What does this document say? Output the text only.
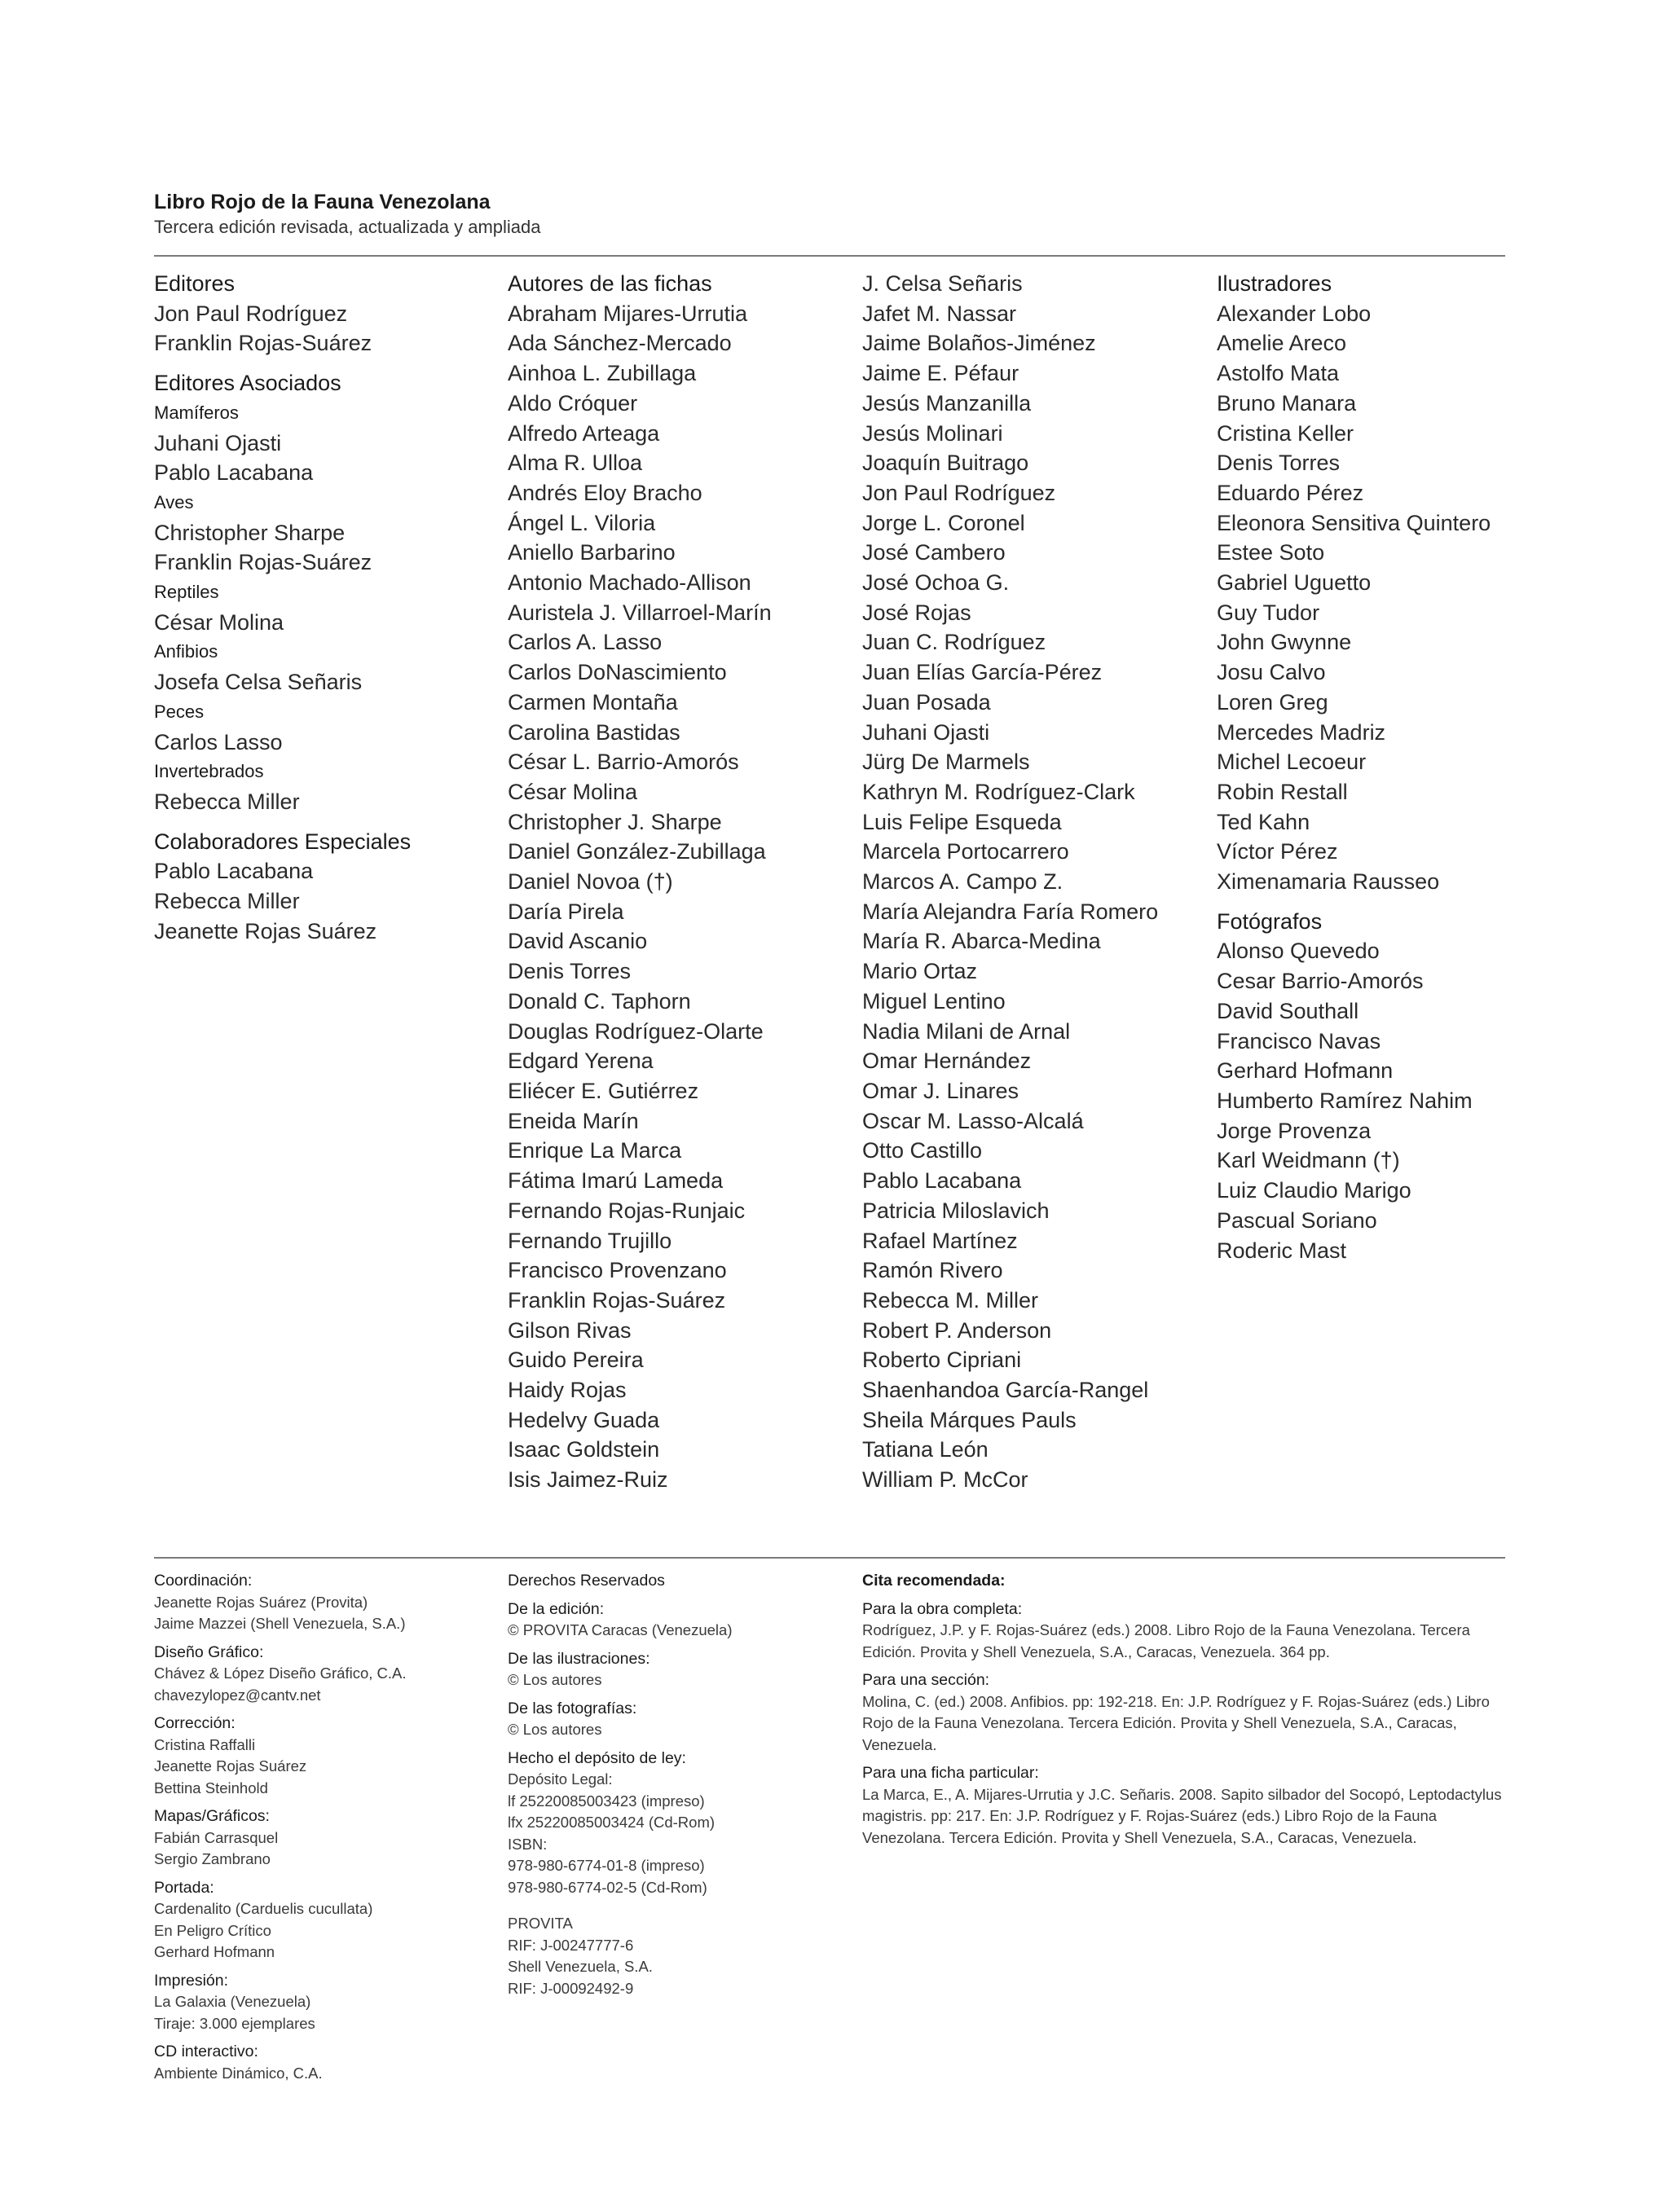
Libro Rojo de la Fauna Venezolana
Tercera edición revisada, actualizada y ampliada
Editores
Jon Paul Rodríguez
Franklin Rojas-Suárez
Editores Asociados
Mamíferos
Juhani Ojasti
Pablo Lacabana
Aves
Christopher Sharpe
Franklin Rojas-Suárez
Reptiles
César Molina
Anfibios
Josefa Celsa Señaris
Peces
Carlos Lasso
Invertebrados
Rebecca Miller
Colaboradores Especiales
Pablo Lacabana
Rebecca Miller
Jeanette Rojas Suárez
Autores de las fichas
Abraham Mijares-Urrutia
Ada Sánchez-Mercado
Ainhoa L. Zubillaga
Aldo Cróquer
Alfredo Arteaga
Alma R. Ulloa
Andrés Eloy Bracho
Ángel L. Viloria
Aniello Barbarino
Antonio Machado-Allison
Auristela J. Villarroel-Marín
Carlos A. Lasso
Carlos DoNascimiento
Carmen Montaña
Carolina Bastidas
César L. Barrio-Amorós
César Molina
Christopher J. Sharpe
Daniel González-Zubillaga
Daniel Novoa (†)
Daría Pirela
David Ascanio
Denis Torres
Donald C. Taphorn
Douglas Rodríguez-Olarte
Edgard Yerena
Eliécer E. Gutiérrez
Eneida Marín
Enrique La Marca
Fátima Imarú Lameda
Fernando Rojas-Runjaic
Fernando Trujillo
Francisco Provenzano
Franklin Rojas-Suárez
Gilson Rivas
Guido Pereira
Haidy Rojas
Hedelvy Guada
Isaac Goldstein
Isis Jaimez-Ruiz
J. Celsa Señaris
Jafet M. Nassar
Jaime Bolaños-Jiménez
Jaime E. Péfaur
Jesús Manzanilla
Jesús Molinari
Joaquín Buitrago
Jon Paul Rodríguez
Jorge L. Coronel
José Cambero
José Ochoa G.
José Rojas
Juan C. Rodríguez
Juan Elías García-Pérez
Juan Posada
Juhani Ojasti
Jürg De Marmels
Kathryn M. Rodríguez-Clark
Luis Felipe Esqueda
Marcela Portocarrero
Marcos A. Campo Z.
María Alejandra Faría Romero
María R. Abarca-Medina
Mario Ortaz
Miguel Lentino
Nadia Milani de Arnal
Omar Hernández
Omar J. Linares
Oscar M. Lasso-Alcalá
Otto Castillo
Pablo Lacabana
Patricia Miloslavich
Rafael Martínez
Ramón Rivero
Rebecca M. Miller
Robert P. Anderson
Roberto Cipriani
Shaenhandoa García-Rangel
Sheila Márques Pauls
Tatiana León
William P. McCor
Ilustradores
Alexander Lobo
Amelie Areco
Astolfo Mata
Bruno Manara
Cristina Keller
Denis Torres
Eduardo Pérez
Eleonora Sensitiva Quintero
Estee Soto
Gabriel Uguetto
Guy Tudor
John Gwynne
Josu Calvo
Loren Greg
Mercedes Madriz
Michel Lecoeur
Robin Restall
Ted Kahn
Víctor Pérez
Ximenamaria Rausseo
Fotógrafos
Alonso Quevedo
Cesar Barrio-Amorós
David Southall
Francisco Navas
Gerhard Hofmann
Humberto Ramírez Nahim
Jorge Provenza
Karl Weidmann (†)
Luiz Claudio Marigo
Pascual Soriano
Roderic Mast
Coordinación:
Jeanette Rojas Suárez (Provita)
Jaime Mazzei (Shell Venezuela, S.A.)
Diseño Gráfico:
Chávez & López Diseño Gráfico, C.A.
chavezylopez@cantv.net
Corrección:
Cristina Raffalli
Jeanette Rojas Suárez
Bettina Steinhold
Mapas/Gráficos:
Fabián Carrasquel
Sergio Zambrano
Portada:
Cardenalito (Carduelis cucullata)
En Peligro Crítico
Gerhard Hofmann
Impresión:
La Galaxia (Venezuela)
Tiraje: 3.000 ejemplares
CD interactivo:
Ambiente Dinámico, C.A.
Derechos Reservados
De la edición:
© PROVITA Caracas (Venezuela)
De las ilustraciones:
© Los autores
De las fotografías:
© Los autores
Hecho el depósito de ley:
Depósito Legal:
lf 25220085003423 (impreso)
lfx 25220085003424 (Cd-Rom)
ISBN:
978-980-6774-01-8 (impreso)
978-980-6774-02-5 (Cd-Rom)
PROVITA
RIF: J-00247777-6
Shell Venezuela, S.A.
RIF: J-00092492-9
Cita recomendada:
Para la obra completa:
Rodríguez, J.P. y F. Rojas-Suárez (eds.) 2008. Libro Rojo de la Fauna Venezolana. Tercera Edición. Provita y Shell Venezuela, S.A., Caracas, Venezuela. 364 pp.
Para una sección:
Molina, C. (ed.) 2008. Anfibios. pp: 192-218. En: J.P. Rodríguez y F. Rojas-Suárez (eds.) Libro Rojo de la Fauna Venezolana. Tercera Edición. Provita y Shell Venezuela, S.A., Caracas, Venezuela.
Para una ficha particular:
La Marca, E., A. Mijares-Urrutia y J.C. Señaris. 2008. Sapito silbador del Socopó, Leptodactylus magistris. pp: 217. En: J.P. Rodríguez y F. Rojas-Suárez (eds.) Libro Rojo de la Fauna Venezolana. Tercera Edición. Provita y Shell Venezuela, S.A., Caracas, Venezuela.
